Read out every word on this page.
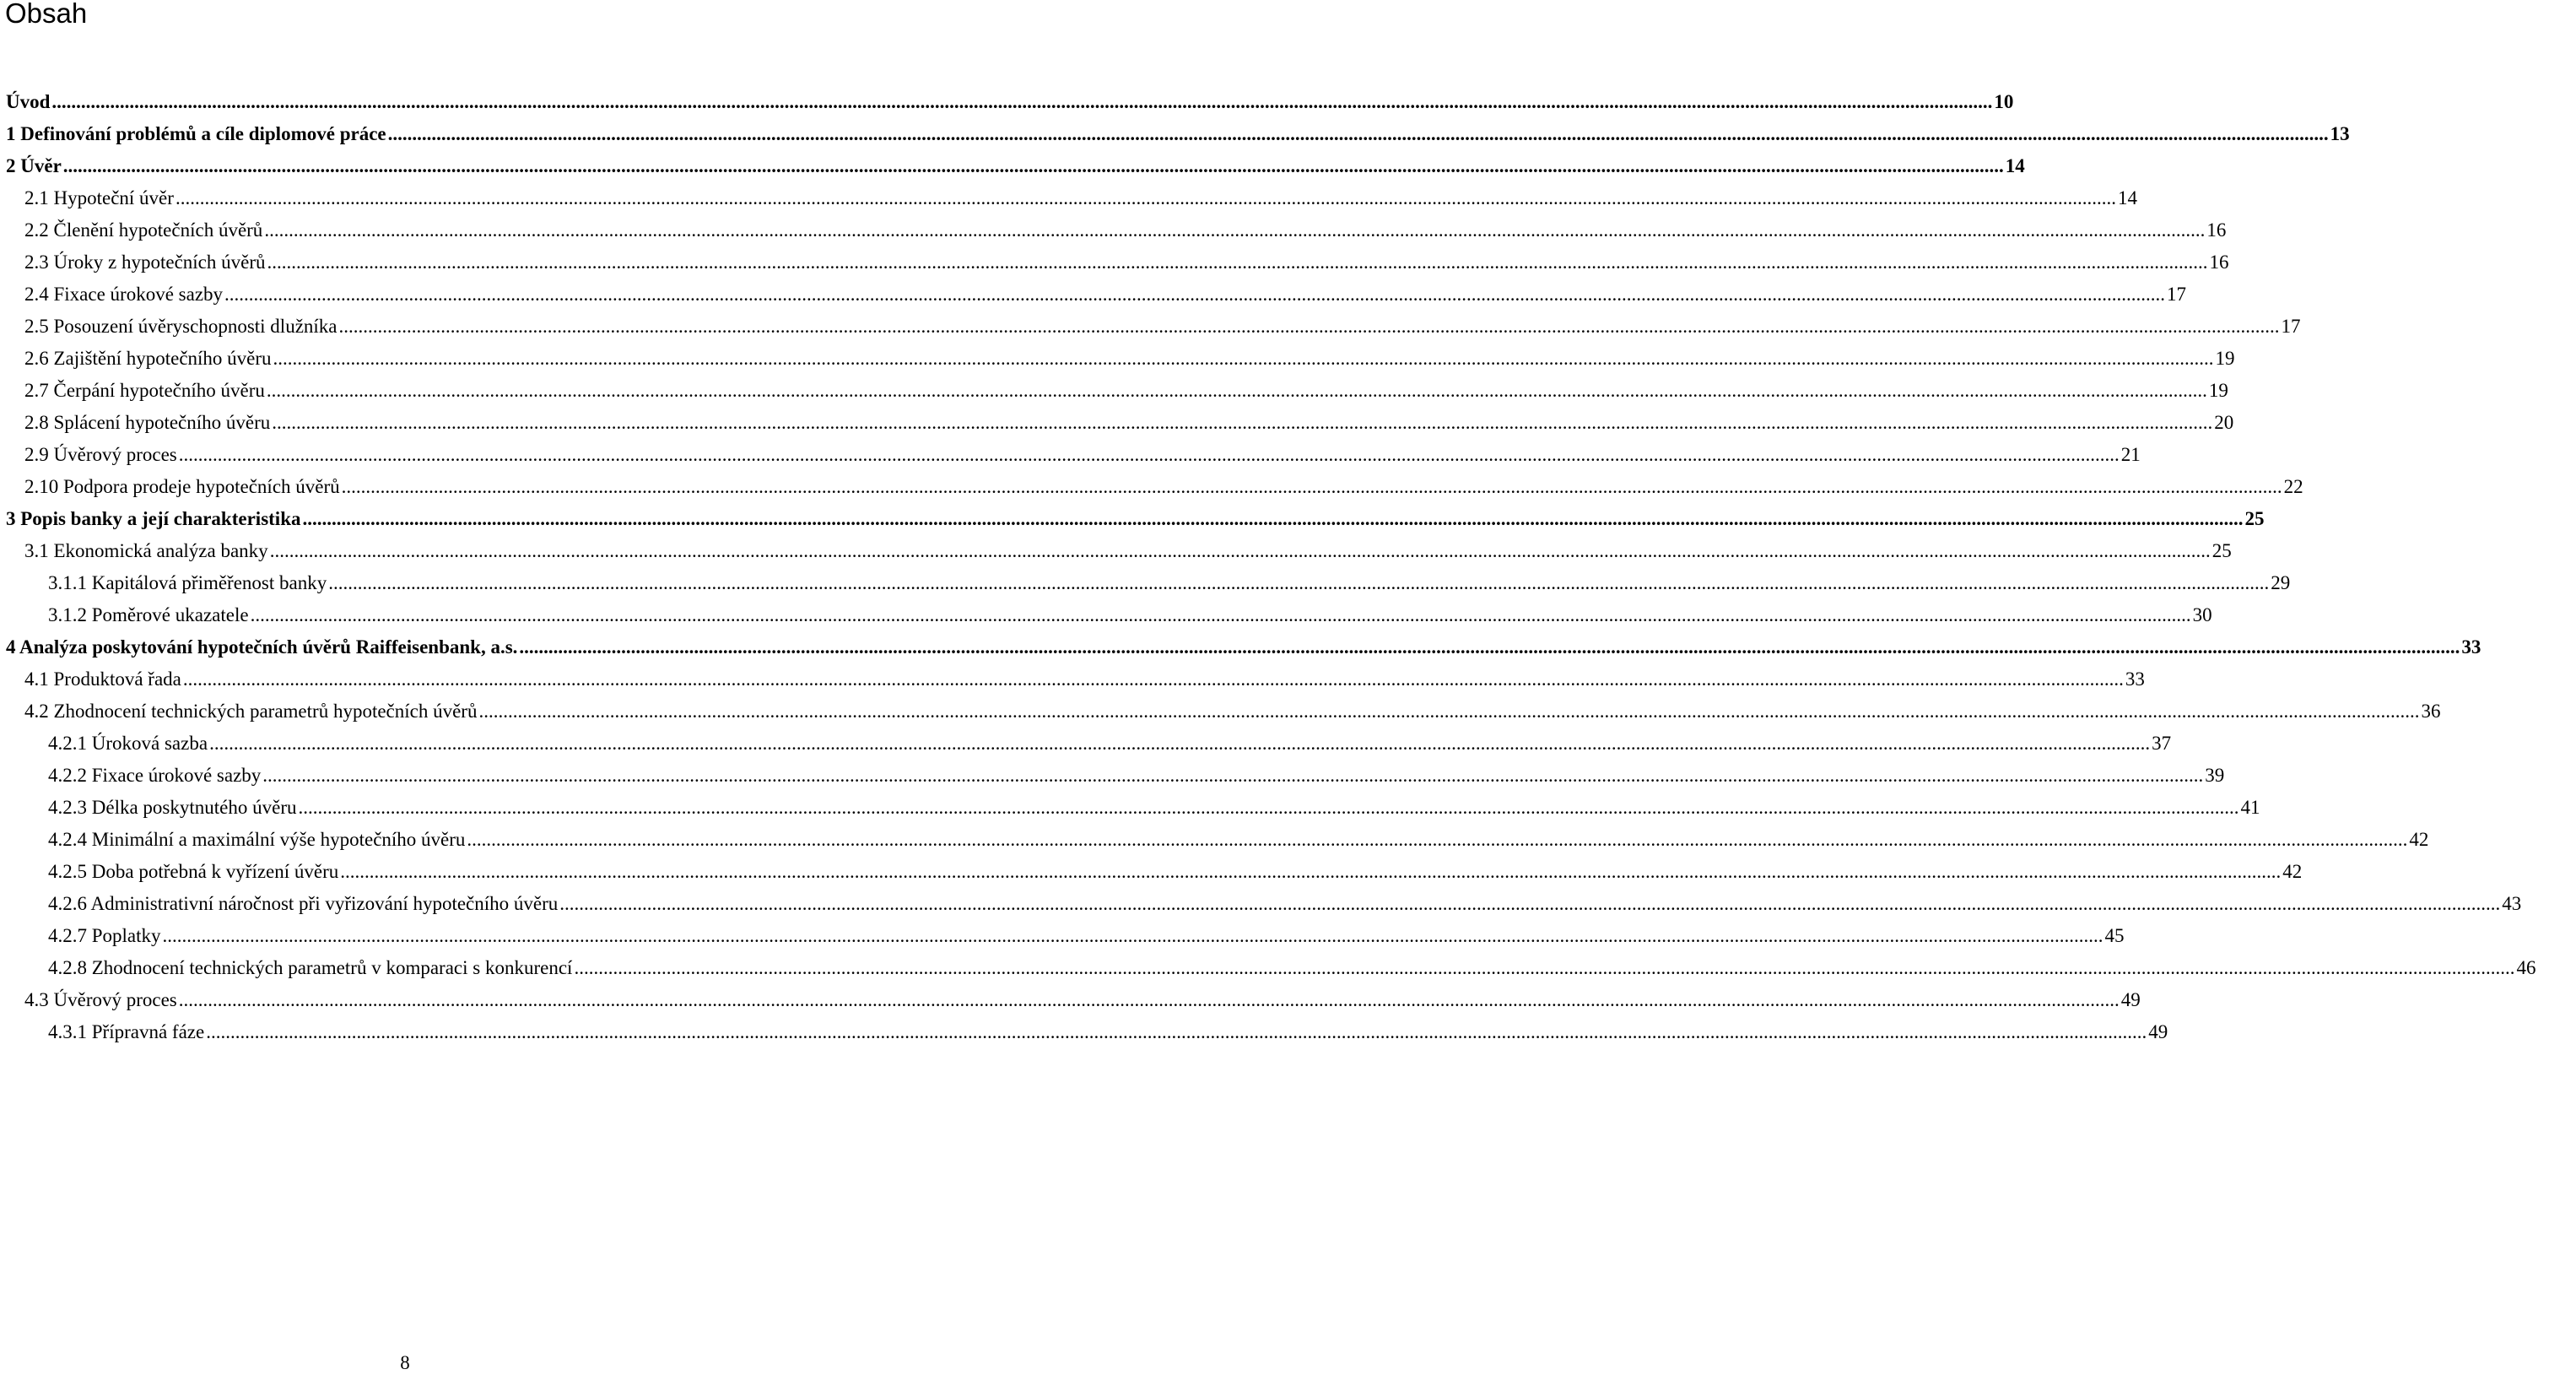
Obsah
Úvod ................................................................................................................................................................................................................................................................................................................................................................................................................ 10
1 Definování problémů a cíle diplomové práce ................................................................................................................................................................................................................................................................................................................................................................................................................ 13
2 Úvěr ................................................................................................................................................................................................................................................................................................................................................................................................................ 14
2.1 Hypoteční úvěr ................................................................................................................................................................................................................................................................................................................................................................................................................ 14
2.2 Členění hypotečních úvěrů ................................................................................................................................................................................................................................................................................................................................................................................................................ 16
2.3 Úroky z hypotečních úvěrů ................................................................................................................................................................................................................................................................................................................................................................................................................ 16
2.4 Fixace úrokové sazby ................................................................................................................................................................................................................................................................................................................................................................................................................ 17
2.5 Posouzení úvěryschopnosti dlužníka ................................................................................................................................................................................................................................................................................................................................................................................................................ 17
2.6 Zajištění hypotečního úvěru ................................................................................................................................................................................................................................................................................................................................................................................................................ 19
2.7 Čerpání hypotečního úvěru ................................................................................................................................................................................................................................................................................................................................................................................................................ 19
2.8 Splácení hypotečního úvěru ................................................................................................................................................................................................................................................................................................................................................................................................................ 20
2.9 Úvěrový proces ................................................................................................................................................................................................................................................................................................................................................................................................................ 21
2.10 Podpora prodeje hypotečních úvěrů ................................................................................................................................................................................................................................................................................................................................................................................................................ 22
3 Popis banky a její charakteristika ................................................................................................................................................................................................................................................................................................................................................................................................................ 25
3.1 Ekonomická analýza banky ................................................................................................................................................................................................................................................................................................................................................................................................................ 25
3.1.1 Kapitálová přiměřenost banky ................................................................................................................................................................................................................................................................................................................................................................................................................ 29
3.1.2 Poměrové ukazatele ................................................................................................................................................................................................................................................................................................................................................................................................................ 30
4 Analýza poskytování hypotečních úvěrů Raiffeisenbank, a.s. ................................................................................................................................................................................................................................................................................................................................................................................................................ 33
4.1 Produktová řada ................................................................................................................................................................................................................................................................................................................................................................................................................ 33
4.2 Zhodnocení technických parametrů hypotečních úvěrů ................................................................................................................................................................................................................................................................................................................................................................................................................ 36
4.2.1 Úroková sazba ................................................................................................................................................................................................................................................................................................................................................................................................................ 37
4.2.2 Fixace úrokové sazby ................................................................................................................................................................................................................................................................................................................................................................................................................ 39
4.2.3 Délka poskytnutého úvěru ................................................................................................................................................................................................................................................................................................................................................................................................................ 41
4.2.4 Minimální a maximální výše hypotečního úvěru ................................................................................................................................................................................................................................................................................................................................................................................................................ 42
4.2.5 Doba potřebná k vyřízení úvěru ................................................................................................................................................................................................................................................................................................................................................................................................................ 42
4.2.6 Administrativní náročnost při vyřizování hypotečního úvěru ................................................................................................................................................................................................................................................................................................................................................................................................................ 43
4.2.7 Poplatky ................................................................................................................................................................................................................................................................................................................................................................................................................ 45
4.2.8 Zhodnocení technických parametrů v komparaci s konkurencí ................................................................................................................................................................................................................................................................................................................................................................................................................ 46
4.3 Úvěrový proces ................................................................................................................................................................................................................................................................................................................................................................................................................ 49
4.3.1 Přípravná fáze ................................................................................................................................................................................................................................................................................................................................................................................................................ 49
8
